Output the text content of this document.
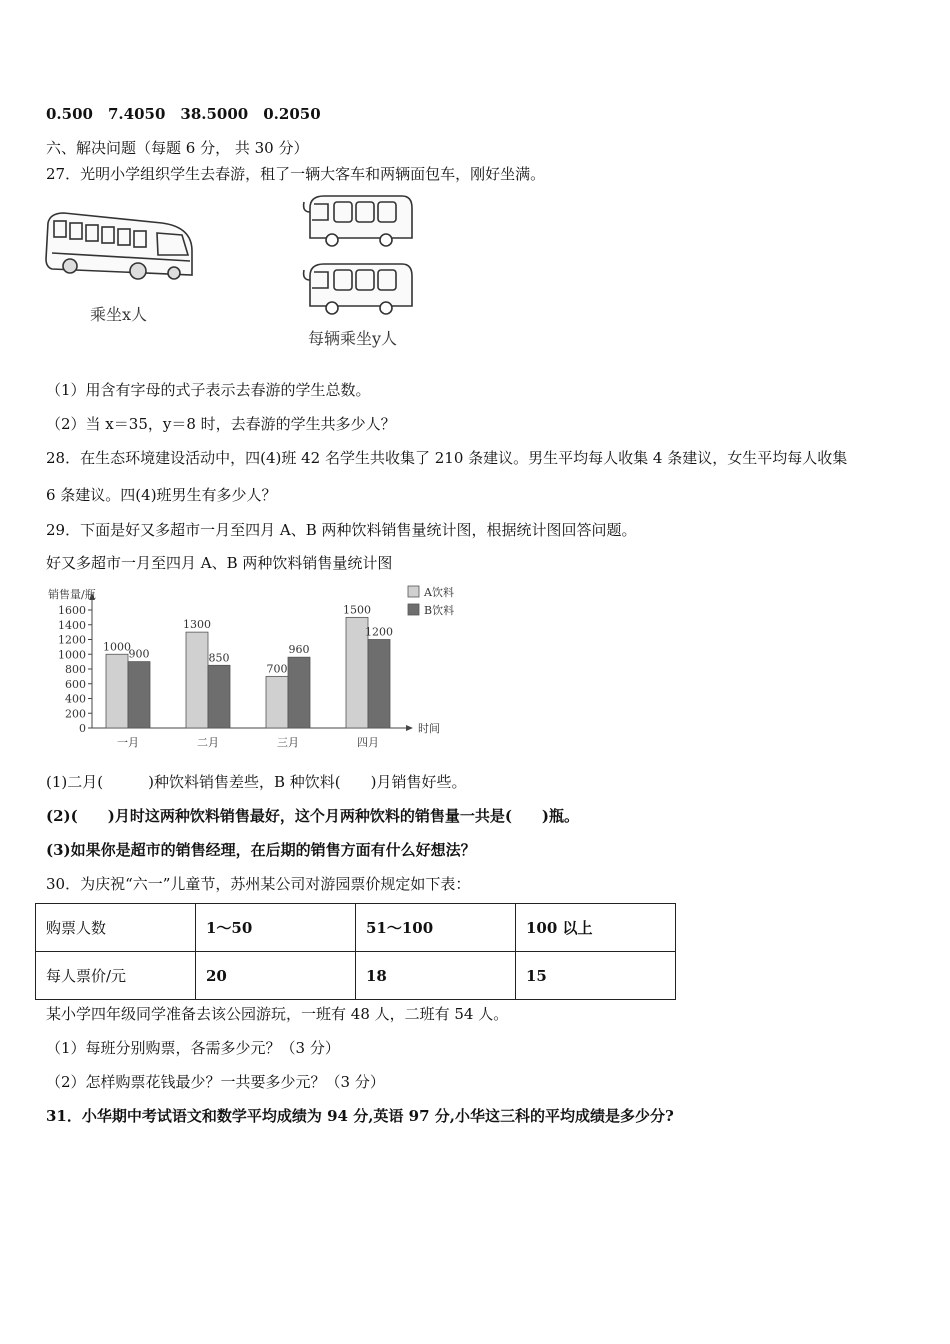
0.500　7.4050　38.5000　0.2050
六、解决问题（每题 6 分， 共 30 分）
27．光明小学组织学生去春游，租了一辆大客车和两辆面包车，刚好坐满。
乘坐x人
每辆乘坐y人
（1）用含有字母的式子表示去春游的学生总数。
（2）当 x＝35，y＝8 时，去春游的学生共多少人？
28．在生态环境建设活动中，四(4)班 42 名学生共收集了 210 条建议。男生平均每人收集 4 条建议，女生平均每人收集
6 条建议。四(4)班男生有多少人？
29．下面是好又多超市一月至四月 A、B 两种饮料销售量统计图，根据统计图回答问题。
好又多超市一月至四月 A、B 两种饮料销售量统计图
销售量/瓶
时间
0
200
400
600
800
1000
1200
1400
1600
1000
900
一月
1300
850
二月
700
960
三月
1500
1200
四月
A饮料
B饮料
(1)二月(　　　)种饮料销售差些，B 种饮料(　　)月销售好些。
(2)(　　)月时这两种饮料销售最好，这个月两种饮料的销售量一共是(　　)瓶。
(3)如果你是超市的销售经理，在后期的销售方面有什么好想法？
30．为庆祝“六一”儿童节，苏州某公司对游园票价规定如下表：
购票人数	1～50	51～100	100 以上
每人票价/元	20	18	15
某小学四年级同学准备去该公园游玩，一班有 48 人，二班有 54 人。
（1）每班分别购票，各需多少元？（3 分）
（2）怎样购票花钱最少？一共要多少元？（3 分）
31．小华期中考试语文和数学平均成绩为 94 分,英语 97 分,小华这三科的平均成绩是多少分?
